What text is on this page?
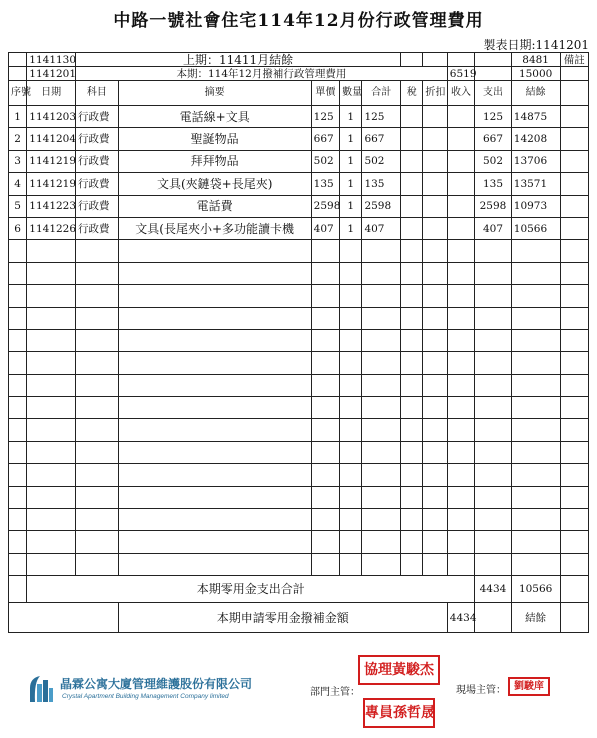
中路一號社會住宅114年12月份行政管理費用
製表日期:1141201
	1141130	上期：11411月結餘									8481	備註
	1141201	本期：114年12月撥補行政管理費用							6519		15000	
序號	日期	科目	摘要	單價	數量	合計	稅	折扣	收入	支出	結餘	
1	1141203	行政費	電話線+文具	125	1	125				125	14875	
2	1141204	行政費	聖誕物品	667	1	667				667	14208	
3	1141219	行政費	拜拜物品	502	1	502				502	13706	
4	1141219	行政費	文具(夾鏈袋+長尾夾)	135	1	135				135	13571	
5	1141223	行政費	電話費	2598	1	2598				2598	10973	
6	1141226	行政費	文具(長尾夾小+多功能讀卡機	407	1	407				407	10566	

	本期零用金支出合計									4434	10566	
			本期申請零用金撥補金額						4434		結餘	
晶霖公寓大廈管理維護股份有限公司
Crystal Apartment Building Management Company limited	部門主管：
協理黃駿杰
專員孫哲晟
現場主管： 劉駿庠
